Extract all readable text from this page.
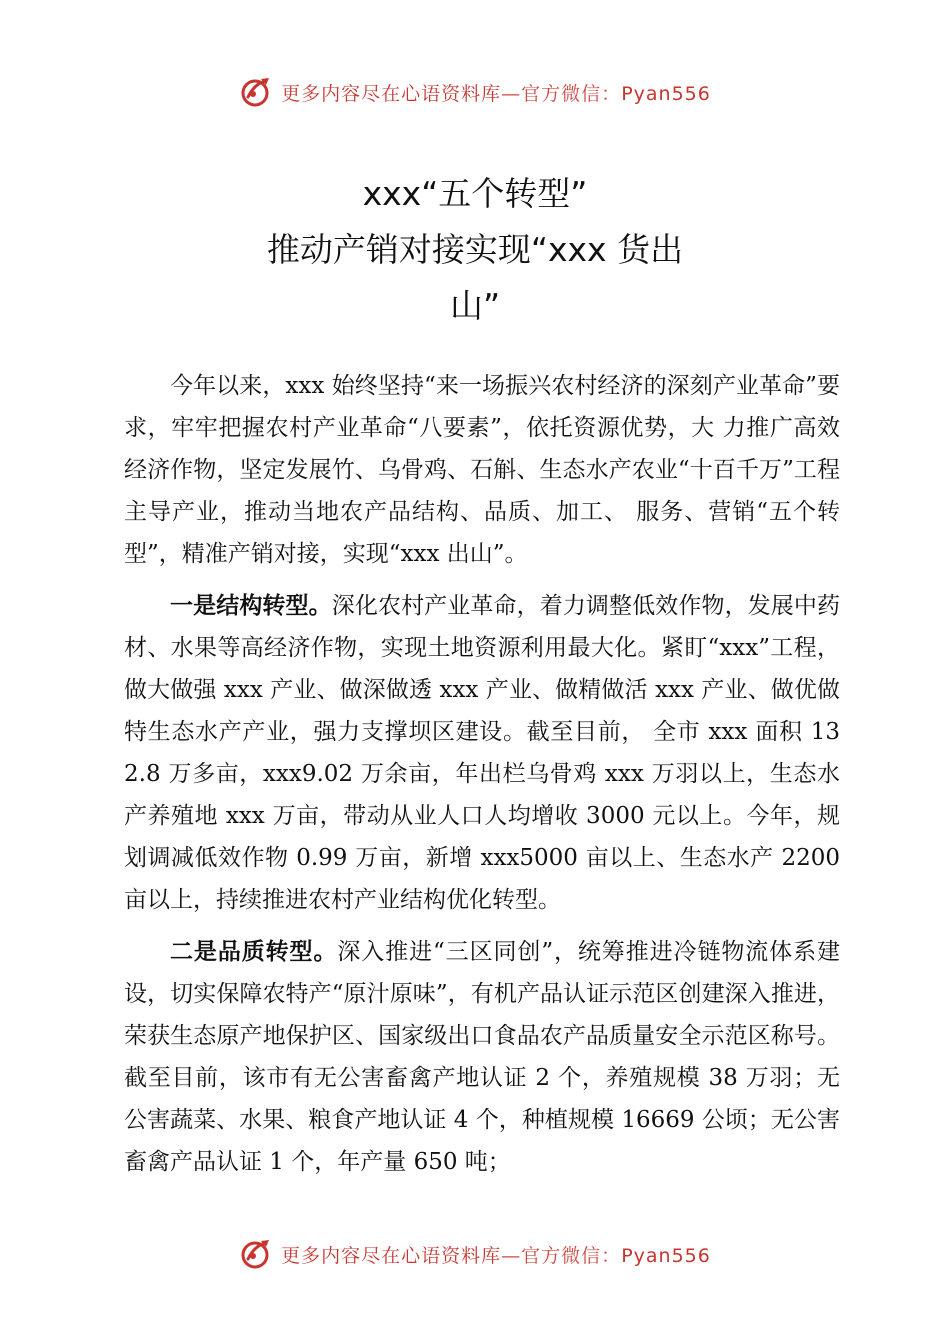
更多内容尽在心语资料库—官方微信：Pyan556
xxx“五个转型”
推动产销对接实现“xxx 货出
山”

今年以来，xxx 始终坚持“来一场振兴农村经济的深刻产业革命”要求，牢牢把握农村产业革命“八要素”，依托资源优势，大 力推广高效经济作物，坚定发展竹、乌骨鸡、石斛、生态水产农业“十百千万”工程主导产业，推动当地农产品结构、品质、加工、 服务、营销“五个转型”，精准产销对接，实现“xxx 出山”。

一是结构转型。深化农村产业革命，着力调整低效作物，发展中药材、水果等高经济作物，实现土地资源利用最大化。紧盯“xxx”工程，做大做强 xxx 产业、做深做透 xxx 产业、做精做活 xxx 产业、做优做特生态水产产业，强力支撑坝区建设。截至目前， 全市 xxx 面积 132.8 万多亩，xxx9.02 万余亩，年出栏乌骨鸡 xxx 万羽以上，生态水产养殖地 xxx 万亩，带动从业人口人均增收 3000 元以上。今年，规划调减低效作物 0.99 万亩，新增 xxx5000 亩以上、生态水产 2200 亩以上，持续推进农村产业结构优化转型。

二是品质转型。深入推进“三区同创”，统筹推进冷链物流体系建设，切实保障农特产“原汁原味”，有机产品认证示范区创建深入推进，荣获生态原产地保护区、国家级出口食品农产品质量安全示范区称号。截至目前，该市有无公害畜禽产地认证 2 个，养殖规模 38 万羽；无公害蔬菜、水果、粮食产地认证 4 个，种植规模 16669 公顷；无公害畜禽产品认证 1 个，年产量 650 吨；

更多内容尽在心语资料库—官方微信：Pyan556
